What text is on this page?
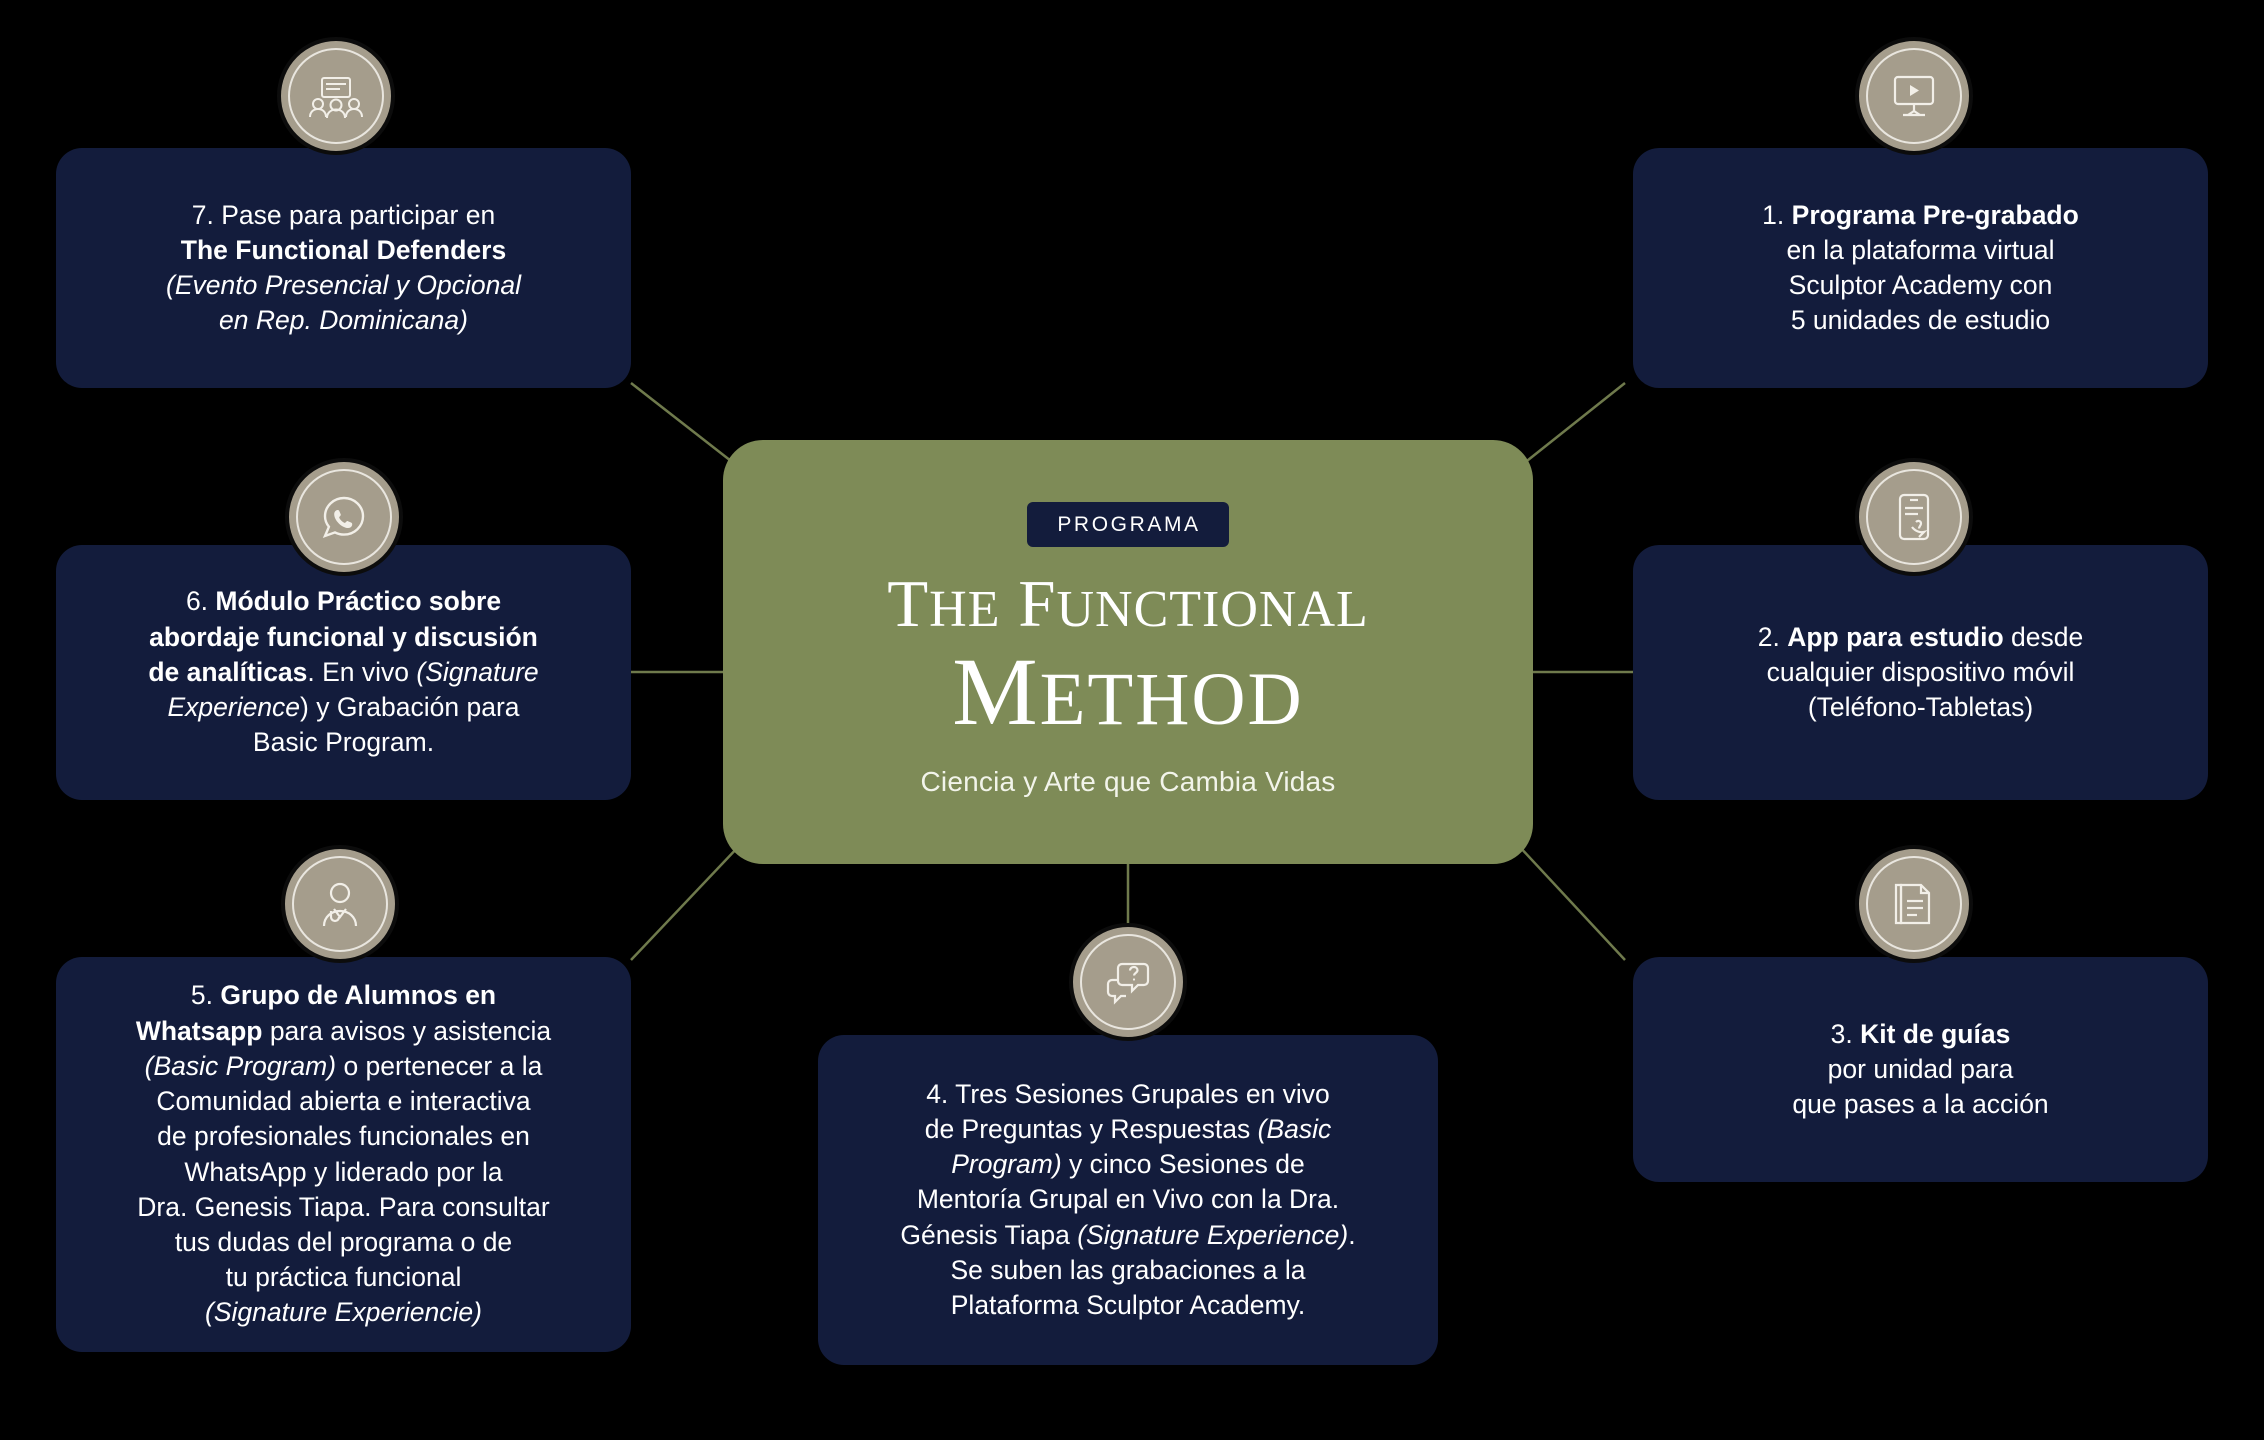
PROGRAMA
THE FUNCTIONAL
METHOD
Ciencia y Arte que Cambia Vidas

7. Pase para participar en
The Functional Defenders
(Evento Presencial y Opcional
en Rep. Dominicana)

6. Módulo Práctico sobre
abordaje funcional y discusión
de analíticas. En vivo (Signature
Experience) y Grabación para
Basic Program.

5. Grupo de Alumnos en
Whatsapp para avisos y asistencia
(Basic Program) o pertenecer a la
Comunidad abierta e interactiva
de profesionales funcionales en
WhatsApp y liderado por la
Dra. Genesis Tiapa. Para consultar
tus dudas del programa o de
tu práctica funcional
(Signature Experiencie)

4. Tres Sesiones Grupales en vivo
de Preguntas y Respuestas (Basic
Program) y cinco Sesiones de
Mentoría Grupal en Vivo con la Dra.
Génesis Tiapa (Signature Experience).
Se suben las grabaciones a la
Plataforma Sculptor Academy.

1. Programa Pre-grabado
en la plataforma virtual
Sculptor Academy con
5 unidades de estudio

2. App para estudio desde
cualquier dispositivo móvil
(Teléfono-Tabletas)

3. Kit de guías
por unidad para
que pases a la acción
